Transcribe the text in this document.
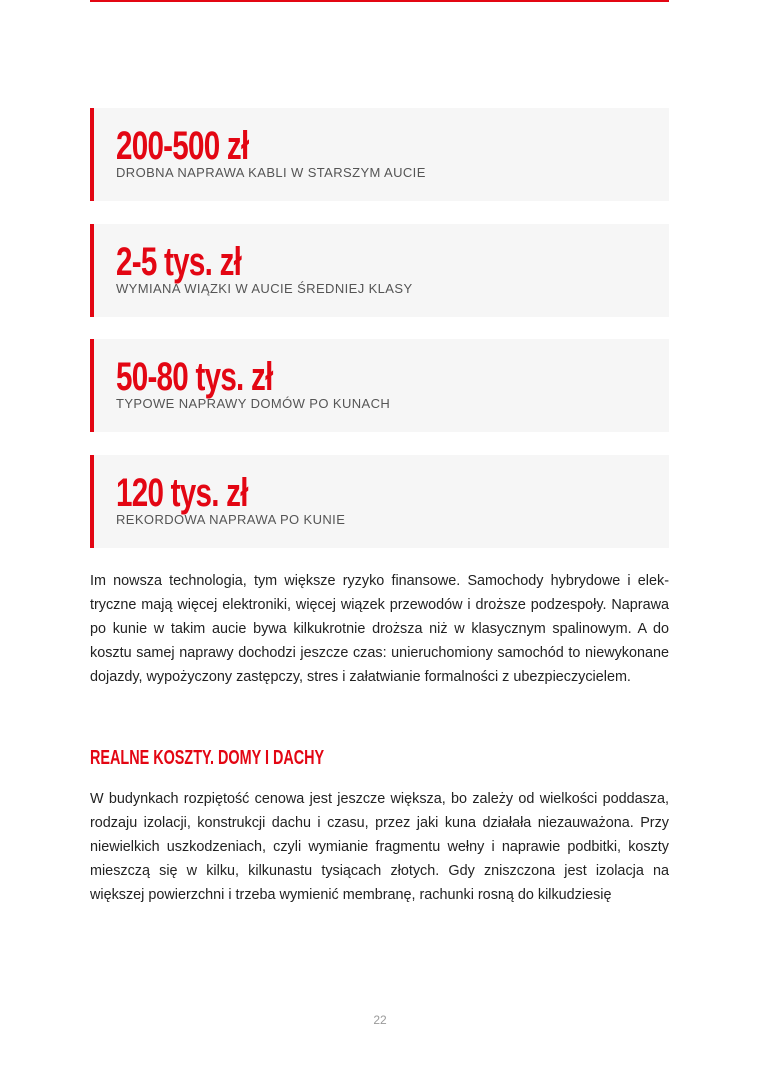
200-500 zł

DROBNA NAPRAWA KABLI W STARSZYM AUCIE

2-5 tys. zł

WYMIANA WIĄZKI W AUCIE ŚREDNIEJ KLASY

50-80 tys. zł

TYPOWE NAPRAWY DOMÓW PO KUNACH

120 tys. zł

REKORDOWA NAPRAWA PO KUNIE

Im nowsza technologia, tym większe ryzyko finansowe. Samochody hybrydowe i elektryczne mają więcej elektroniki, więcej wiązek przewodów i droższe podzespoły. Naprawa po kunie w takim aucie bywa kilkukrotnie droższa niż w klasycznym spalinowym. A do kosztu samej naprawy dochodzi jeszcze czas: unieruchomiony samochód to niewykonane dojazdy, wypożyczony zastępczy, stres i załatwianie formalności z ubezpieczycielem.

REALNE KOSZTY. DOMY I DACHY

W budynkach rozpiętość cenowa jest jeszcze większa, bo zależy od wielkości poddasza, rodzaju izolacji, konstrukcji dachu i czasu, przez jaki kuna działała niezauważona. Przy niewielkich uszkodzeniach, czyli wymianie fragmentu wełny i naprawie podbitki, koszty mieszczą się w kilku, kilkunastu tysiącach złotych. Gdy zniszczona jest izolacja na większej powierzchni i trzeba wymienić membranę, rachunki rosną do kilkudziesię

22
